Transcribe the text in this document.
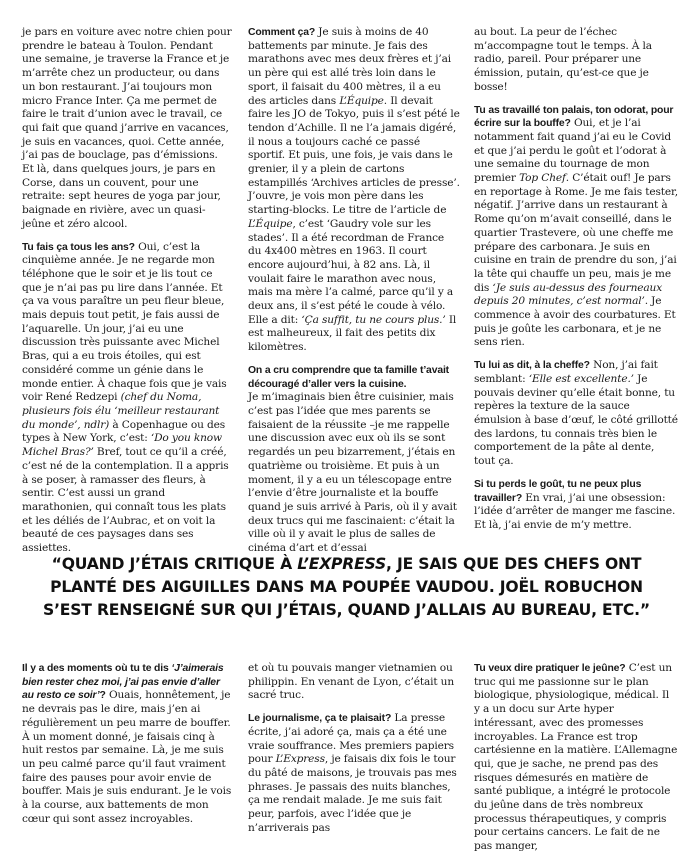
je pars en voiture avec notre chien pour prendre le bateau à Toulon. Pendant une semaine, je traverse la France et je m’arrête chez un producteur, ou dans un bon restaurant. J’ai toujours mon micro France Inter. Ça me permet de faire le trait d’union avec le travail, ce qui fait que quand j’arrive en vacances, je suis en vacances, quoi. Cette année, j’ai pas de bouclage, pas d’émissions. Et là, dans quelques jours, je pars en Corse, dans un couvent, pour une retraite: sept heures de yoga par jour, baignade en rivière, avec un quasi-jeûne et zéro alcool.

Tu fais ça tous les ans? Oui, c’est la cinquième année. Je ne regarde mon téléphone que le soir et je lis tout ce que je n’ai pas pu lire dans l’année. Et ça va vous paraître un peu fleur bleue, mais depuis tout petit, je fais aussi de l’aquarelle. Un jour, j’ai eu une discussion très puissante avec Michel Bras, qui a eu trois étoiles, qui est considéré comme un génie dans le monde entier. À chaque fois que je vais voir René Redzepi (chef du Noma, plusieurs fois élu ‘meilleur restaurant du monde’, ndlr) à Copenhague ou des types à New York, c’est: ‘Do you know Michel Bras?’ Bref, tout ce qu’il a créé, c’est né de la contemplation. Il a appris à se poser, à ramasser des fleurs, à sentir. C’est aussi un grand marathonien, qui connaît tous les plats et les déliés de l’Aubrac, et on voit la beauté de ces paysages dans ses assiettes.

Comment ça? Je suis à moins de 40 battements par minute. Je fais des marathons avec mes deux frères et j’ai un père qui est allé très loin dans le sport, il faisait du 400 mètres, il a eu des articles dans L’Équipe. Il devait faire les JO de Tokyo, puis il s’est pété le tendon d’Achille. Il ne l’a jamais digéré, il nous a toujours caché ce passé sportif. Et puis, une fois, je vais dans le grenier, il y a plein de cartons estampillés ‘Archives articles de presse’. J’ouvre, je vois mon père dans les starting-blocks. Le titre de l’article de L’Équipe, c’est ‘Gaudry vole sur les stades’. Il a été recordman de France du 4x400 mètres en 1963. Il court encore aujourd’hui, à 82 ans. Là, il voulait faire le marathon avec nous, mais ma mère l’a calmé, parce qu’il y a deux ans, il s’est pété le coude à vélo. Elle a dit: ‘Ça suffit, tu ne cours plus.’ Il est malheureux, il fait des petits dix kilomètres.

On a cru comprendre que ta famille t’avait découragé d’aller vers la cuisine.
Je m’imaginais bien être cuisinier, mais c’est pas l’idée que mes parents se faisaient de la réussite –je me rappelle une discussion avec eux où ils se sont regardés un peu bizarrement, j’étais en quatrième ou troisième. Et puis à un moment, il y a eu un télescopage entre l’envie d’être journaliste et la bouffe quand je suis arrivé à Paris, où il y avait deux trucs qui me fascinaient: c’était la ville où il y avait le plus de salles de cinéma d’art et d’essai

au bout. La peur de l’échec m’accompagne tout le temps. À la radio, pareil. Pour préparer une émission, putain, qu’est-ce que je bosse!

Tu as travaillé ton palais, ton odorat, pour écrire sur la bouffe? Oui, et je l’ai notamment fait quand j’ai eu le Covid et que j’ai perdu le goût et l’odorat à une semaine du tournage de mon premier Top Chef. C’était ouf! Je pars en reportage à Rome. Je me fais tester, négatif. J’arrive dans un restaurant à Rome qu’on m’avait conseillé, dans le quartier Trastevere, où une cheffe me prépare des carbonara. Je suis en cuisine en train de prendre du son, j’ai la tête qui chauffe un peu, mais je me dis ‘Je suis au-dessus des fourneaux depuis 20 minutes, c’est normal’. Je commence à avoir des courbatures. Et puis je goûte les carbonara, et je ne sens rien.

Tu lui as dit, à la cheffe? Non, j’ai fait semblant: ‘Elle est excellente.’ Je pouvais deviner qu’elle était bonne, tu repères la texture de la sauce émulsion à base d’œuf, le côté grillotté des lardons, tu connais très bien le comportement de la pâte al dente, tout ça.

Si tu perds le goût, tu ne peux plus travailler? En vrai, j’ai une obsession: l’idée d’arrêter de manger me fascine. Et là, j’ai envie de m’y mettre.

“QUAND J’ÉTAIS CRITIQUE À L’EXPRESS, JE SAIS QUE DES CHEFS ONT PLANTÉ DES AIGUILLES DANS MA POUPÉE VAUDOU. JOËL ROBUCHON S’EST RENSEIGNÉ SUR QUI J’ÉTAIS, QUAND J’ALLAIS AU BUREAU, ETC.”

Il y a des moments où tu te dis ‘J’aimerais bien rester chez moi, j’ai pas envie d’aller au resto ce soir’? Ouais, honnêtement, je ne devrais pas le dire, mais j’en ai régulièrement un peu marre de bouffer. À un moment donné, je faisais cinq à huit restos par semaine. Là, je me suis un peu calmé parce qu’il faut vraiment faire des pauses pour avoir envie de bouffer. Mais je suis endurant. Je le vois à la course, aux battements de mon cœur qui sont assez incroyables.

et où tu pouvais manger vietnamien ou philippin. En venant de Lyon, c’était un sacré truc.

Le journalisme, ça te plaisait? La presse écrite, j’ai adoré ça, mais ça a été une vraie souffrance. Mes premiers papiers pour L’Express, je faisais dix fois le tour du pâté de maisons, je trouvais pas mes phrases. Je passais des nuits blanches, ça me rendait malade. Je me suis fait peur, parfois, avec l’idée que je n’arriverais pas

Tu veux dire pratiquer le jeûne? C’est un truc qui me passionne sur le plan biologique, physiologique, médical. Il y a un docu sur Arte hyper intéressant, avec des promesses incroyables. La France est trop cartésienne en la matière. L’Allemagne qui, que je sache, ne prend pas des risques démesurés en matière de santé publique, a intégré le protocole du jeûne dans de très nombreux processus thérapeutiques, y compris pour certains cancers. Le fait de ne pas manger,
